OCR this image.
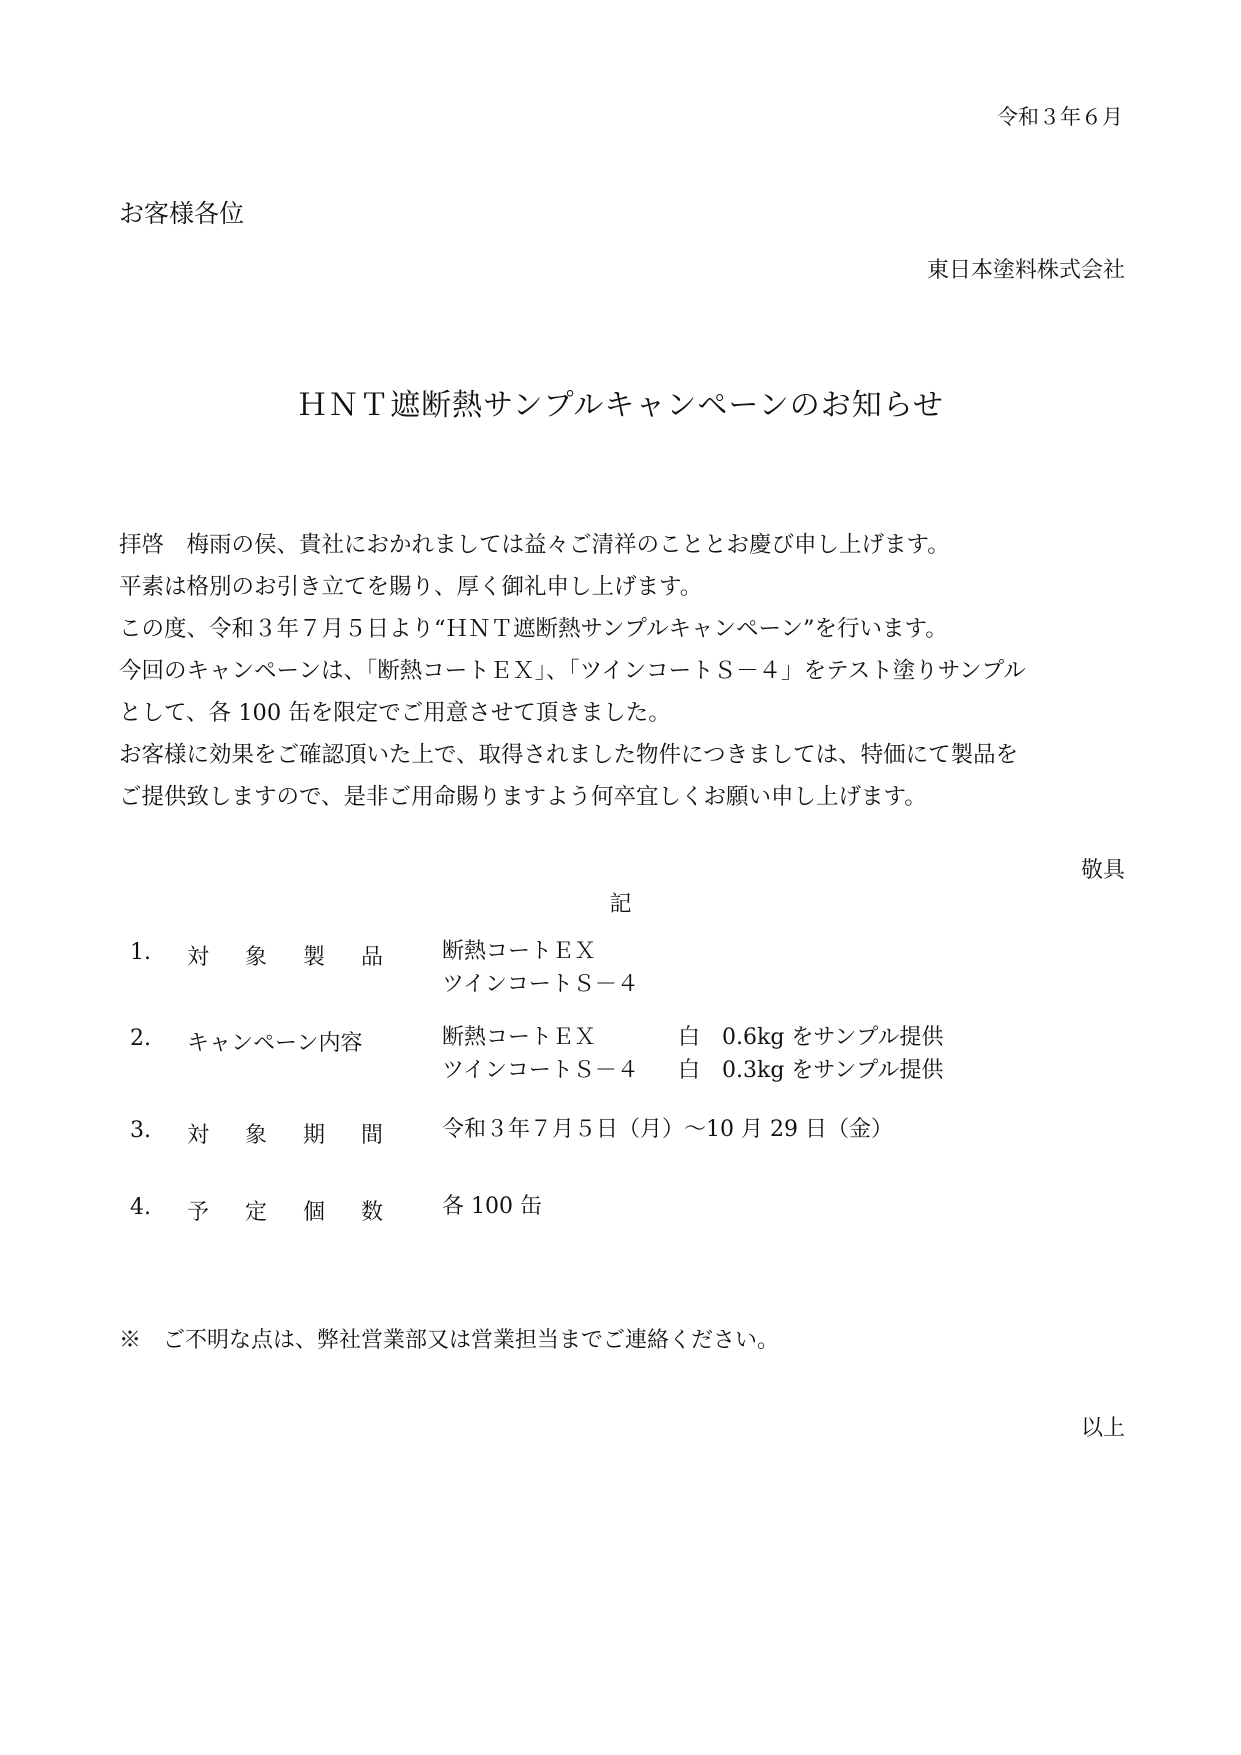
令和３年６月
お客様各位
東日本塗料株式会社
ＨＮＴ遮断熱サンプルキャンペーンのお知らせ
拝啓　梅雨の侯、貴社におかれましては益々ご清祥のこととお慶び申し上げます。
平素は格別のお引き立てを賜り、厚く御礼申し上げます。
この度、令和３年７月５日より“ＨＮＴ遮断熱サンプルキャンペーン”を行います。
今回のキャンペーンは、「断熱コートＥＸ」、「ツインコートＳ－４」をテスト塗りサンプル
として、各 100 缶を限定でご用意させて頂きました。
お客様に効果をご確認頂いた上で、取得されました物件につきましては、特価にて製品を
ご提供致しますので、是非ご用命賜りますよう何卒宜しくお願い申し上げます。
敬具
記
1.	対 象 製 品	断熱コートＥＸ
ツインコートＳ－４
2.	キャンペーン内容	断熱コートＥＸ	白　0.6kg をサンプル提供
ツインコートＳ－４	白　0.3kg をサンプル提供
3.	対 象 期 間	令和３年７月５日（月）～10 月 29 日（金）
4.	予 定 個 数	各 100 缶
※　ご不明な点は、弊社営業部又は営業担当までご連絡ください。
以上
